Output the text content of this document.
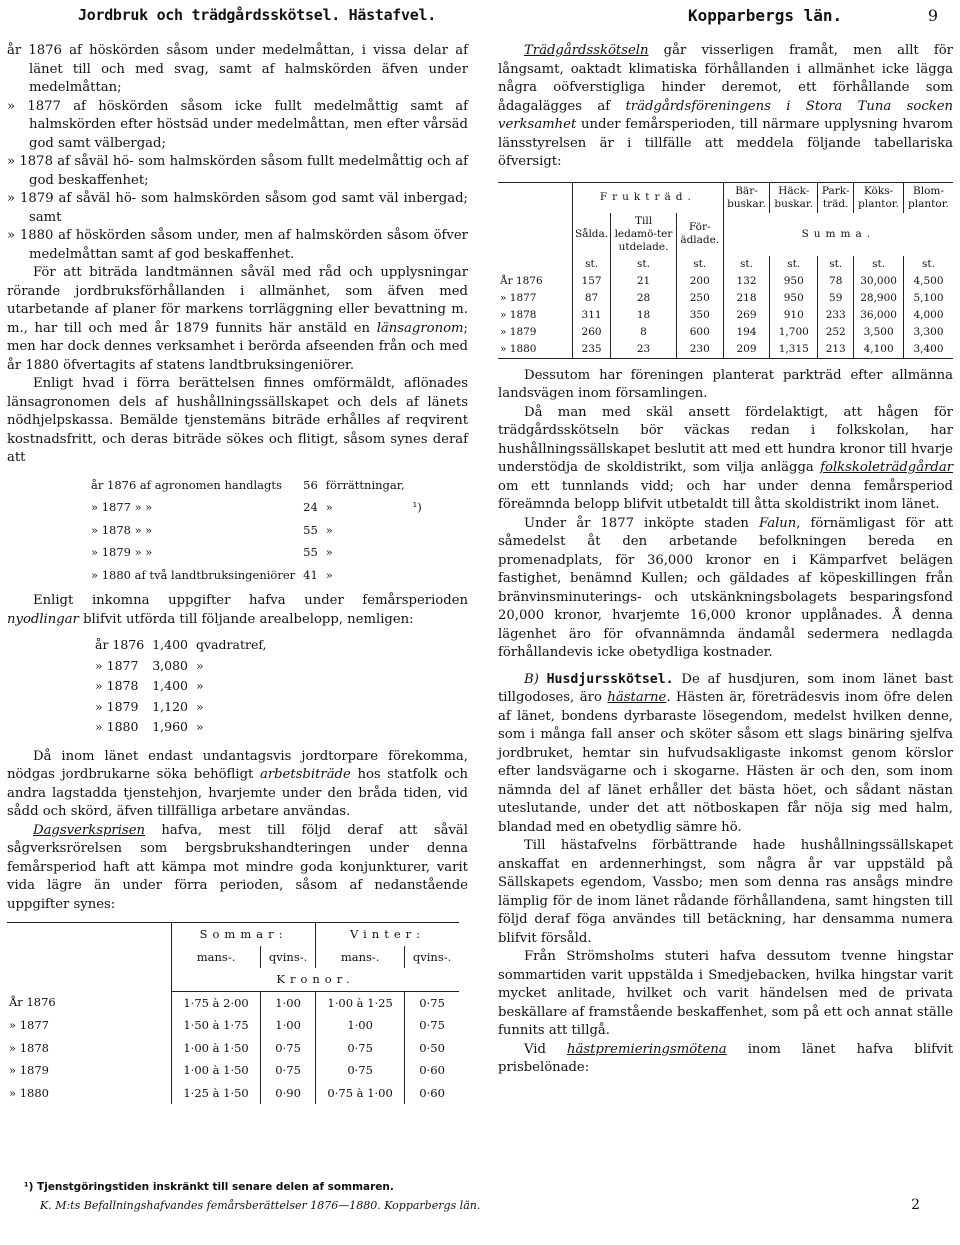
Jordbruk och trädgårdsskötsel. Hästafvel.	Kopparbergs län.	9

år 1876 af höskörden såsom under medelmåttan, i vissa delar af länet till och med svag, samt af halmskörden äfven under medelmåttan;

» 1877 af höskörden såsom icke fullt medelmåttig samt af halmskörden efter höstsäd under medelmåttan, men efter vårsäd god samt välbergad;

» 1878 af såväl hö- som halmskörden såsom fullt medelmåttig och af god beskaffenhet;

» 1879 af såväl hö- som halmskörden såsom god samt väl inbergad; samt

» 1880 af höskörden såsom under, men af halmskörden såsom öfver medelmåttan samt af god beskaffenhet.

För att biträda landtmännen såväl med råd och upplysningar rörande jordbruksförhållanden i allmänhet, som äfven med utarbetande af planer för markens torrläggning eller bevattning m. m., har till och med år 1879 funnits här anstäld en länsagronom; men har dock dennes verksamhet i berörda afseenden från och med år 1880 öfvertagits af statens landtbruksingeniörer.

Enligt hvad i förra berättelsen finnes omförmäldt, aflönades länsagronomen dels af hushållningssällskapet och dels af länets nödhjelpskassa. Bemälde tjenstemäns biträde erhålles af reqvirent kostnadsfritt, och deras biträde sökes och flitigt, såsom synes deraf att

år 1876 af agronomen handlagts	56	förrättningar,	
» 1877 » »	24	»	¹)
» 1878 » »	55	»	
» 1879 » »	55	»	
» 1880 af två landtbruksingeniörer	41	»	

Enligt inkomna uppgifter hafva under femårsperioden nyodlingar blifvit utförda till följande arealbelopp, nemligen:

år 1876	1,400	qvadratref,
» 1877	3,080	»
» 1878	1,400	»
» 1879	1,120	»
» 1880	1,960	»

Då inom länet endast undantagsvis jordtorpare förekomma, nödgas jordbrukarne söka behöfligt arbetsbiträde hos statfolk och andra lagstadda tjenstehjon, hvarjemte under den bråda tiden, vid sådd och skörd, äfven tillfälliga arbetare användas.

Dagsverksprisen hafva, mest till följd deraf att såväl sågverksrörelsen som bergsbrukshandteringen under denna femårsperiod haft att kämpa mot mindre goda konjunkturer, varit vida lägre än under förra perioden, såsom af nedanstående uppgifter synes:

	Sommar:		Vinter:	
	mans-.	qvins-.	mans-.	qvins-.
	Kronor.			
År 1876	1·75 à 2·00	1·00	1·00 à 1·25	0·75
» 1877	1·50 à 1·75	1·00	1·00	0·75
» 1878	1·00 à 1·50	0·75	0·75	0·50
» 1879	1·00 à 1·50	0·75	0·75	0·60
» 1880	1·25 à 1·50	0·90	0·75 à 1·00	0·60

Trädgårdsskötseln går visserligen framåt, men allt för långsamt, oaktadt klimatiska förhållanden i allmänhet icke lägga några oöfverstigliga hinder deremot, ett förhållande som ådagalägges af trädgårdsföreningens i Stora Tuna socken verksamhet under femårsperioden, till närmare upplysning hvarom länsstyrelsen är i tillfälle att meddela följande tabellariska öfversigt:

	Frukträd.			Bär-buskar.	Häck-buskar.	Park-träd.	Köks-plantor.	Blom-plantor.
	Sålda.	Till ledamö-ter utdelade.	För-ädlade.	Summa.				
	st.	st.	st.	st.	st.	st.	st.	st.
År 1876	157	21	200	132	950	78	30,000	4,500
» 1877	87	28	250	218	950	59	28,900	5,100
» 1878	311	18	350	269	910	233	36,000	4,000
» 1879	260	8	600	194	1,700	252	3,500	3,300
» 1880	235	23	230	209	1,315	213	4,100	3,400

Dessutom har föreningen planterat parkträd efter allmänna landsvägen inom församlingen.

Då man med skäl ansett fördelaktigt, att hågen för trädgårdsskötseln bör väckas redan i folkskolan, har hushållningssällskapet beslutit att med ett hundra kronor till hvarje understödja de skoldistrikt, som vilja anlägga folkskoleträdgårdar om ett tunnlands vidd; och har under denna femårsperiod föreämnda belopp blifvit utbetaldt till åtta skoldistrikt inom länet.

Under år 1877 inköpte staden Falun, förnämligast för att såmedelst åt den arbetande befolkningen bereda en promenadplats, för 36,000 kronor en i Kämparfvet belägen fastighet, benämnd Kullen; och gäldades af köpeskillingen från bränvinsminuterings- och utskänkningsbolagets besparingsfond 20,000 kronor, hvarjemte 16,000 kronor upplånades. Å denna lägenhet äro för ofvannämnda ändamål sedermera nedlagda förhållandevis icke obetydliga kostnader.

B) Husdjursskötsel. De af husdjuren, som inom länet bast tillgodoses, äro hästarne. Hästen är, företrädesvis inom öfre delen af länet, bondens dyrbaraste lösegendom, medelst hvilken denne, som i många fall anser och sköter såsom ett slags binäring sjelfva jordbruket, hemtar sin hufvudsakligaste inkomst genom körslor efter landsvägarne och i skogarne. Hästen är och den, som inom nämnda del af länet erhåller det bästa höet, och sådant nästan uteslutande, under det att nötboskapen får nöja sig med halm, blandad med en obetydlig sämre hö.

Till hästafvelns förbättrande hade hushållningssällskapet anskaffat en ardennerhingst, som några år var uppstäld på Sällskapets egendom, Vassbo; men som denna ras ansågs mindre lämplig för de inom länet rådande förhållandena, samt hingsten till följd deraf föga användes till betäckning, har densamma numera blifvit försåld.

Från Strömsholms stuteri hafva dessutom tvenne hingstar sommartiden varit uppstälda i Smedjebacken, hvilka hingstar varit mycket anlitade, hvilket och varit händelsen med de privata beskällare af framstående beskaffenhet, som på ett och annat ställe funnits att tillgå.

Vid hästpremieringsmötena inom länet hafva blifvit prisbelönade:

¹) Tjenstgöringstiden inskränkt till senare delen af sommaren.
K. M:ts Befallningshafvandes femårsberättelser 1876—1880. Kopparbergs län.	2
